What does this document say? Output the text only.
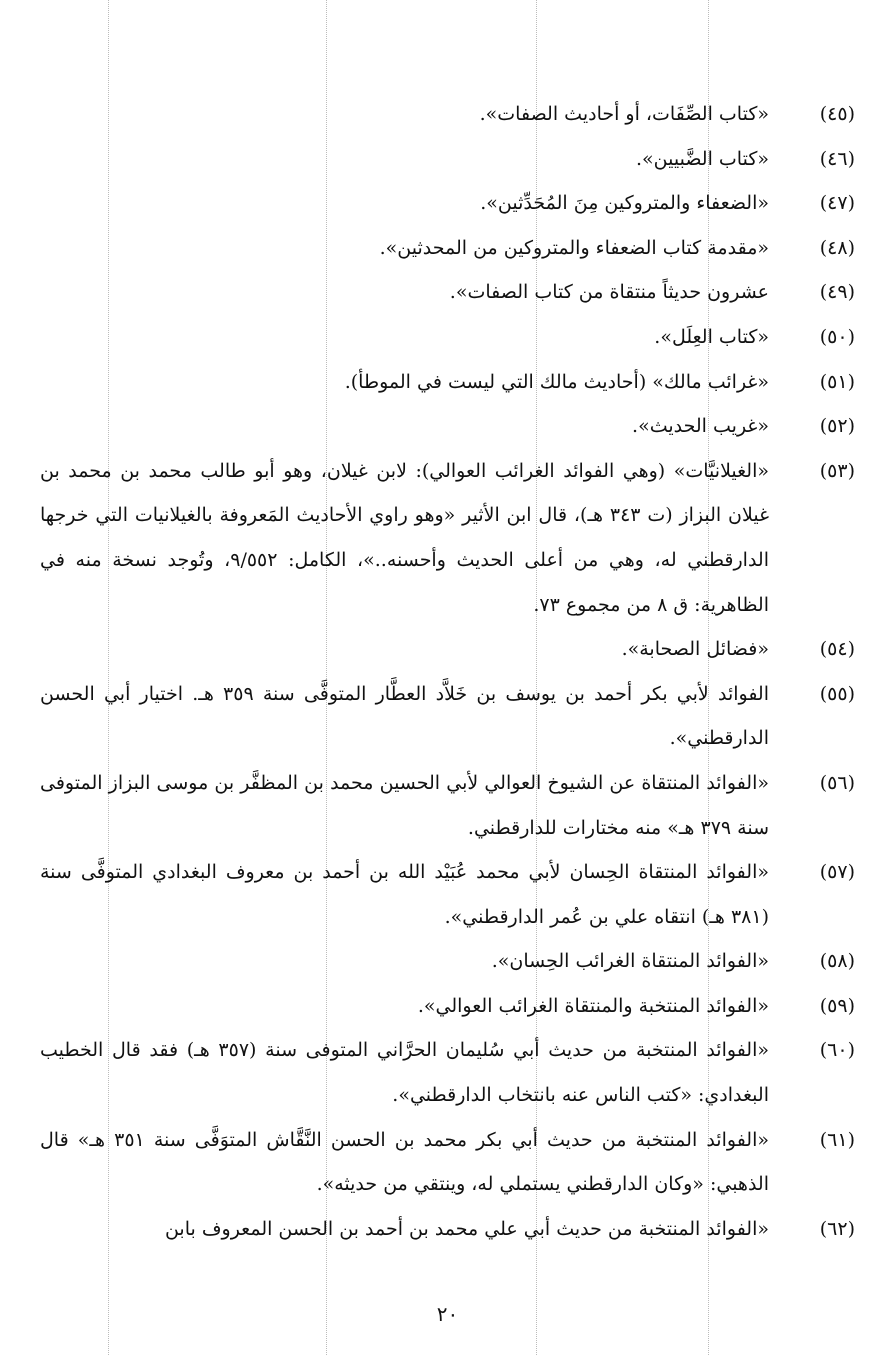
(٤٥)
«كتاب الصِّفَات، أو أحاديث الصفات».

(٤٦)
«كتاب الضَّبيين».

(٤٧)
«الضعفاء والمتروكين مِنَ المُحَدِّثين».

(٤٨)
«مقدمة كتاب الضعفاء والمتروكين من المحدثين».

(٤٩)
عشرون حديثاً منتقاة من كتاب الصفات».

(٥٠)
«كتاب العِلَل».

(٥١)
«غرائب مالك» (أحاديث مالك التي ليست في الموطأ).

(٥٢)
«غريب الحديث».

(٥٣)
«الغيلانيَّات» (وهي الفوائد الغرائب العوالي): لابن غيلان، وهو أبو طالب محمد بن محمد بن غيلان البزاز (ت ٣٤٣ هـ)، قال ابن الأثير «وهو راوي الأحاديث المَعروفة بالغيلانيات التي خرجها الدارقطني له، وهي من أعلى الحديث وأحسنه..»، الكامل: ٩/٥٥٢، وتُوجد نسخة منه في الظاهرية: ق ٨ من مجموع ٧٣.

(٥٤)
«فضائل الصحابة».

(٥٥)
الفوائد لأبي بكر أحمد بن يوسف بن خَلاَّد العطَّار المتوفَّى سنة ٣٥٩ هـ. اختيار أبي الحسن الدارقطني».

(٥٦)
«الفوائد المنتقاة عن الشيوخ العوالي لأبي الحسين محمد بن المظفَّر بن موسى البزاز المتوفى سنة ٣٧٩ هـ» منه مختارات للدارقطني.

(٥٧)
«الفوائد المنتقاة الحِسان لأبي محمد عُبَيْد الله بن أحمد بن معروف البغدادي المتوفَّى سنة (٣٨١ هـ) انتقاه علي بن عُمر الدارقطني».

(٥٨)
«الفوائد المنتقاة الغرائب الحِسان».

(٥٩)
«الفوائد المنتخبة والمنتقاة الغرائب العوالي».

(٦٠)
«الفوائد المنتخبة من حديث أبي سُليمان الحرَّاني المتوفى سنة (٣٥٧ هـ) فقد قال الخطيب البغدادي: «كتب الناس عنه بانتخاب الدارقطني».

(٦١)
«الفوائد المنتخبة من حديث أبي بكر محمد بن الحسن النَّقَّاش المتوَفَّى سنة ٣٥١ هـ» قال الذهبي: «وكان الدارقطني يستملي له، وينتقي من حديثه».

(٦٢)
«الفوائد المنتخبة من حديث أبي علي محمد بن أحمد بن الحسن المعروف بابن

٢٠
